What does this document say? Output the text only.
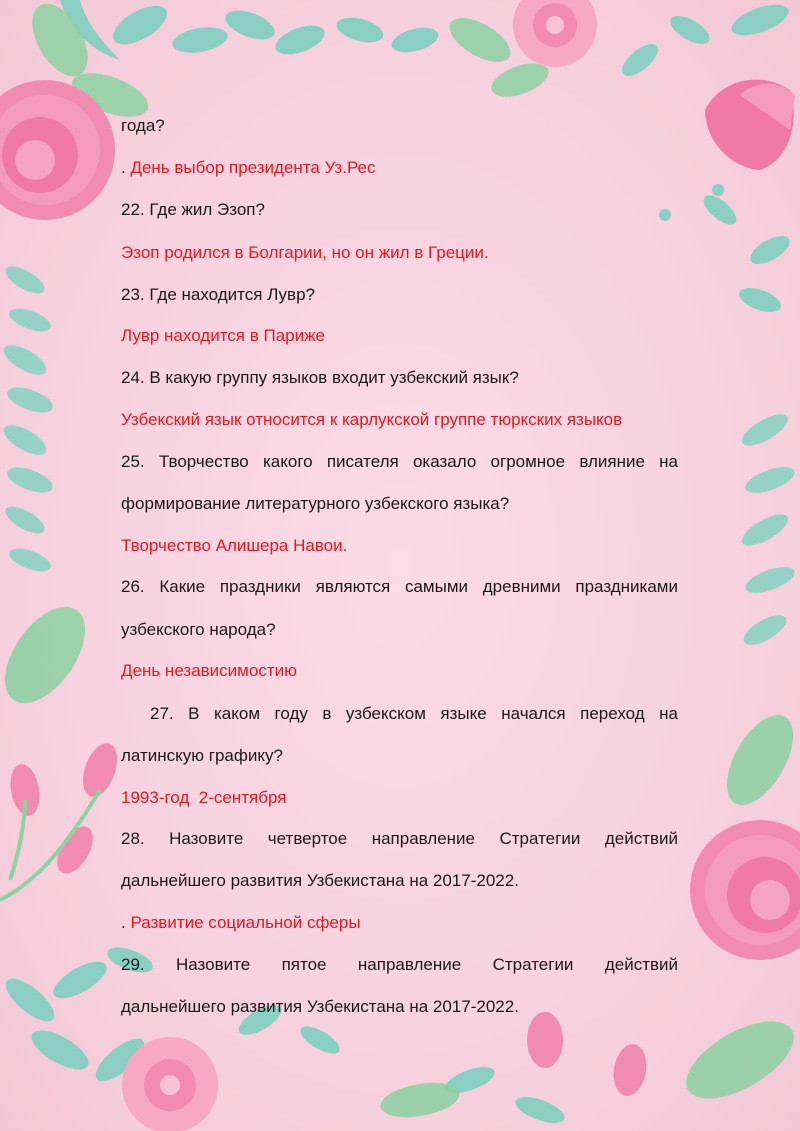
года?
. День выбор президента Уз.Рес
22. Где жил Эзоп?
Эзоп родился в Болгарии, но он жил в Греции.
23. Где находится Лувр?
Лувр находится в Париже
24. В какую группу языков входит узбекский язык?
Узбекский язык относится к карлукской группе тюркских языков
25. Творчество какого писателя оказало огромное влияние на
формирование литературного узбекского языка?
Творчество Алишера Навои.
26. Какие праздники являются самыми древними праздниками
узбекского народа?
День независимостию
27. В каком году в узбекском языке начался переход на
латинскую графику?
1993-год  2-сентября
28. Назовите четвертое направление Стратегии действий
дальнейшего развития Узбекистана на 2017-2022.
. Развитие социальной сферы
29. Назовите пятое направление Стратегии действий
дальнейшего развития Узбекистана на 2017-2022.
